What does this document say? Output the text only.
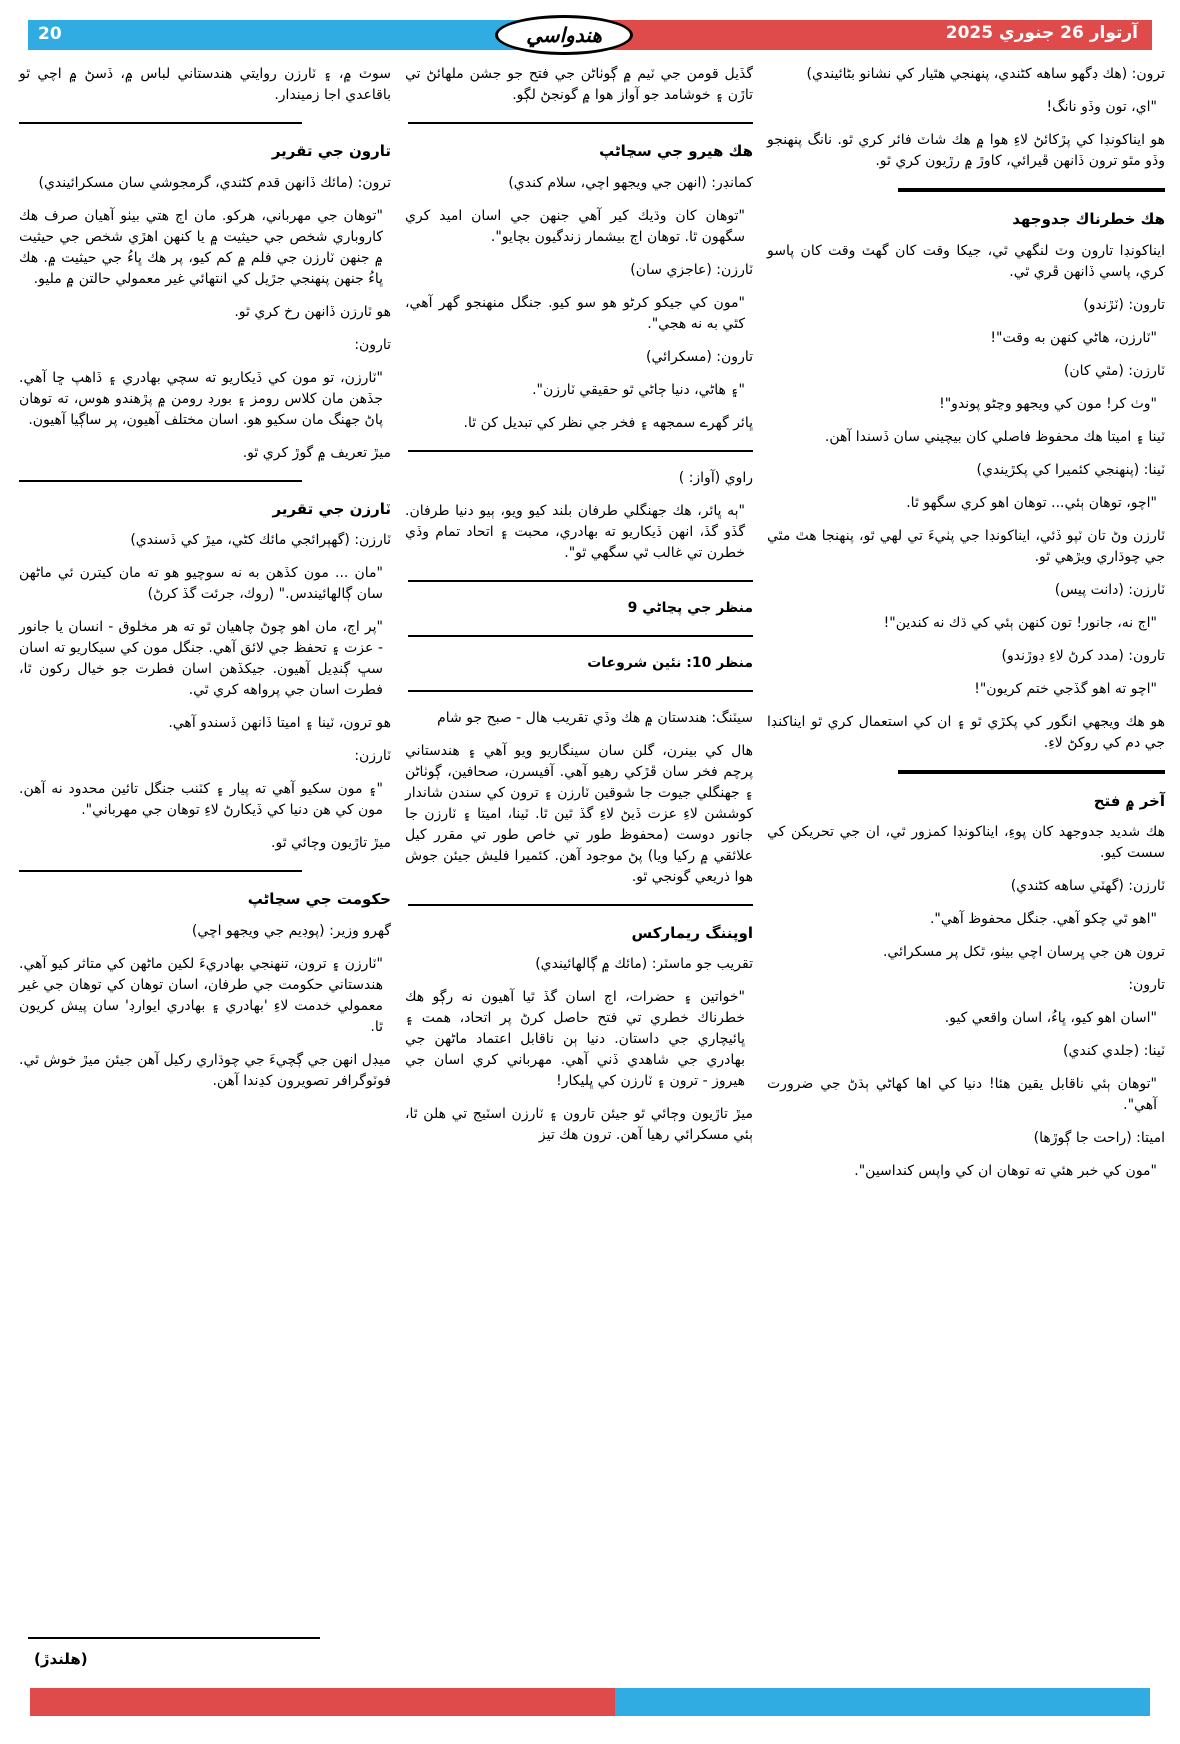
20	آرتوار 26 جنوري 2025
هندواسي
ترون: (هك ڊگهو ساهه کڻندي، پنهنجي هٿيار کي نشانو بڻائيندي)
"اي، تون وڏو نانگ!
هو ايناكونڊا کي پڙكائڻ لاءِ هوا ۾ هك شاٽ فائر كري ٿو. نانگ پنهنجو وڏو مٿو ترون ڏانهن ڦيرائي، كاوڙ ۾ رڙيون كري ٿو.
هك خطرناك جدوجهد
ايناكونڊا تارون وٽ لنگهي ٿي، جيكا وقت كان گهٽ وقت كان پاسو كري، پاسي ڏانهن ڦري ٿي.
تارون: (ٽڙندو)
"ٽارزن، هاڻي كنهن به وقت"!
ٽارزن: (مٿي كان)
"وٺ كر! مون کي ويجهو وڃڻو پوندو"!
ٽينا ۽ اميتا هك محفوظ فاصلي كان بيچيني سان ڏسندا آهن.
ٽينا: (پنهنجي كئميرا کي پكڙيندي)
"اچو، توهان ٻئي... توهان اهو كري سگهو ٿا.
ٽارزن وڻ تان ٽپو ڏئي، ايناكونڊا جي پٺيءَ تي لهي ٿو، پنهنجا هٿ مٿي جي چوڌاري ويڙهي ٿو.
ٽارزن: (دانت پيس)
"اڄ نه، جانور! تون كنهن ٻئي کي ڌك نه كندين"!
تارون: (مدد كرڻ لاءِ ڊوڙندو)
"اچو ته اهو گڏجي ختم كريون"!
هو هك ويجهي انگور کي پكڙي ٿو ۽ ان کي استعمال كري ٿو ايناكنڊا جي دم کي روكڻ لاءِ.
آخر ۾ فتح
هك شديد جدوجهد كان پوءِ، ايناكونڊا كمزور ٿي، ان جي تحريكن کي سست كيو.
ٽارزن: (گهٽي ساهه کڻندي)
"اهو ٿي چكو آهي. جنگل محفوظ آهي".
ترون هن جي ڀرسان اچي بيٺو، ٿكل پر مسكرائي.
تارون:
"اسان اهو كيو، ڀاءُ، اسان واقعي كيو.
ٽينا: (جلدي كندي)
"توهان ٻئي ناقابل يقين هئا! دنيا کي اها كهاڻي ٻڌڻ جي ضرورت آهي".
اميتا: (راحت جا ڳوڙها)
"مون کي خبر هئي ته توهان ان کي واپس كنداسين".
گڏيل قومن جي ٽيم ۾ ڳوٺاڻن جي فتح جو جشن ملهائڻ تي تاڙن ۽ خوشامد جو آواز هوا ۾ گونجڻ لڳو.
هك هيرو جي سڃاڻپ
كمانڊر: (انهن جي ويجهو اچي، سلام كندي)
"توهان كان وڌيك كير آهي جنهن جي اسان اميد كري سگهون ٿا. توهان اڄ بيشمار زندگيون بچايو".
ٽارزن: (عاجزي سان)
"مون کي جيكو كرڻو هو سو كيو. جنگل منهنجو گهر آهي، كٿي به نه هجي".
تارون: (مسكرائي)
"۽ هاڻي، دنيا ڄاڻي ٿو حقيقي ٽارزن".
ڀائر گهرے سمجهه ۽ فخر جي نظر کي تبديل كن ٿا.
راوي (آواز: )
"ٻه ڀائر، هك جهنگلي طرفان بلند كيو ويو، ٻيو دنيا طرفان. گڏو گڏ، انهن ڏيكاريو ته بهادري، محبت ۽ اتحاد تمام وڏي خطرن تي غالب ٿي سگهي ٿو".
منظر جي پڃاڻي 9
منظر 10: نئين شروعات
سيٽنگ: هندستان ۾ هك وڏي تقريب هال - صبح جو شام
هال کي بينرن، گلن سان سينگاريو ويو آهي ۽ هندستاني پرچم فخر سان ڦڙكي رهيو آهي. آفيسرن، صحافين، ڳوٺاڻن ۽ جهنگلي جيوت جا شوقين ٽارزن ۽ ترون کي سندن شاندار كوششن لاءِ عزت ڏيڻ لاءِ گڏ ٿين ٿا. ٽينا، اميتا ۽ ٽارزن جا جانور دوست (محفوظ طور تي خاص طور تي مقرر كيل علائقي ۾ ركيا ويا) پڻ موجود آهن. كئميرا فليش جيئن جوش هوا ذريعي گونجي ٿو.
اوپننگ ريماركس
تقريب جو ماسٽر: (مائك ۾ ڳالهائيندي)
"خواتين ۽ حضرات، اڄ اسان گڏ ٿيا آهيون نه رڳو هك خطرناك خطري تي فتح حاصل كرڻ پر اتحاد، همت ۽ ڀائيچاري جي داستان. دنيا ٻن ناقابل اعتماد ماڻهن جي بهادري جي شاهدي ڏني آهي. مهرباني كري اسان جي هيروز - ترون ۽ ٽارزن کي ڀليكار!
ميڙ تاڙيون وڄائي ٿو جيئن تارون ۽ ٽارزن اسٽيج تي هلن ٿا، ٻئي مسكرائي رهيا آهن. ترون هك تيز
سوٽ ۾، ۽ ٽارزن روايتي هندستاني لباس ۾، ڏسڻ ۾ اچي ٿو باقاعدي اجا زميندار.
تارون جي تقرير
ترون: (مائك ڏانهن قدم کڻندي، گرمجوشي سان مسكرائيندي)
"توهان جي مهرباني، هركو. مان اڄ هتي بيٺو آهيان صرف هك كاروباري شخص جي حيثيت ۾ يا كنهن اهڙي شخص جي حيثيت ۾ جنهن ٽارزن جي فلم ۾ كم كيو، پر هك ڀاءُ جي حيثيت ۾. هك ڀاءُ جنهن پنهنجي جڙيل کي انتهائي غير معمولي حالتن ۾ مليو.
هو ٽارزن ڏانهن رخ كري ٿو.
تارون:
"ٽارزن، تو مون کي ڏيكاريو ته سچي بهادري ۽ ڏاهپ ڇا آهي. جڏهن مان كلاس رومز ۽ بورڊ رومن ۾ پڙهندو هوس، ته توهان پاڻ جهنگ مان سكيو هو. اسان مختلف آهيون، پر ساڳيا آهيون.
ميڙ تعريف ۾ گوڙ كري ٿو.
ٽارزن جي تقرير
ٽارزن: (گهٻرائجي مائك کڻي، ميڙ کي ڏسندي)
"مان ... مون كڏهن به نه سوچيو هو ته مان كيترن ئي ماڻهن سان ڳالهائيندس." (روك، جرئت گڏ كرڻ)
"پر اڄ، مان اهو چوڻ چاهيان ٿو ته هر مخلوق - انسان يا جانور - عزت ۽ تحفظ جي لائق آهي. جنگل مون کي سيكاريو ته اسان سڀ ڳنڍيل آهيون. جيكڏهن اسان فطرت جو خيال ركون ٿا، فطرت اسان جي پرواهه كري ٿي.
هو ترون، ٽينا ۽ اميتا ڏانهن ڏسندو آهي.
ٽارزن:
"۽ مون سكيو آهي ته پيار ۽ كٽنب جنگل تائين محدود نه آهن. مون کي هن دنيا کي ڏيكارڻ لاءِ توهان جي مهرباني".
ميڙ تاڙيون وڄائي ٿو.
حكومت جي سڃاڻپ
گهرو وزير: (پوڊيم جي ويجهو اچي)
"ٽارزن ۽ ترون، تنهنجي بهادريءَ لكين ماڻهن کي متاثر كيو آهي. هندستاني حكومت جي طرفان، اسان توهان کي توهان جي غير معمولي خدمت لاءِ 'بهادري ۽ بهادري ايوارڊ' سان پيش كريون ٿا.
ميڊل انهن جي ڳچيءَ جي چوڌاري ركيل آهن جيئن ميڙ خوش ٿي. فوٽوگرافر تصويرون كڍندا آهن.
(هلندڙ)
